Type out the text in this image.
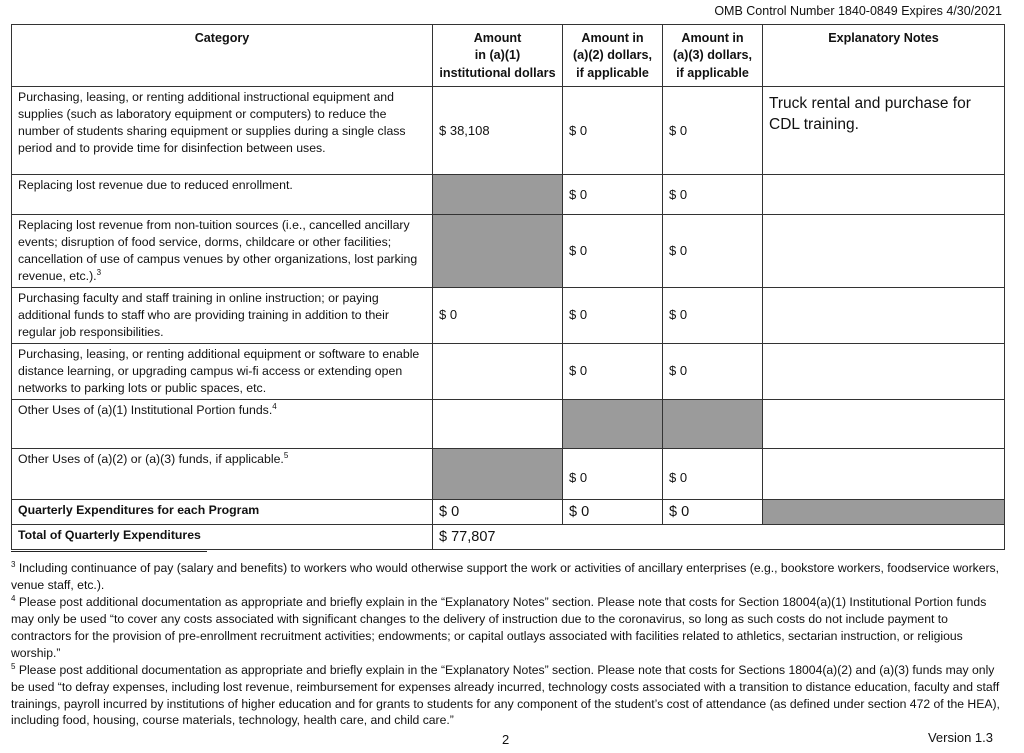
OMB Control Number 1840-0849 Expires 4/30/2021
Category	Amount
in (a)(1)
institutional dollars	Amount in
(a)(2) dollars,
if applicable	Amount in
(a)(3) dollars,
if applicable	Explanatory Notes
Purchasing, leasing, or renting additional instructional equipment and supplies (such as laboratory equipment or computers) to reduce the number of students sharing equipment or supplies during a single class period and to provide time for disinfection between uses.	$ 38,108	$ 0	$ 0	Truck rental and purchase for CDL training.
Replacing lost revenue due to reduced enrollment.		$ 0	$ 0	
Replacing lost revenue from non-tuition sources (i.e., cancelled ancillary events; disruption of food service, dorms, childcare or other facilities; cancellation of use of campus venues by other organizations, lost parking revenue, etc.).$^3$		$ 0	$ 0	
Purchasing faculty and staff training in online instruction; or paying additional funds to staff who are providing training in addition to their regular job responsibilities.	$ 0	$ 0	$ 0	
Purchasing, leasing, or renting additional equipment or software to enable distance learning, or upgrading campus wi-fi access or extending open networks to parking lots or public spaces, etc.		$ 0	$ 0	
Other Uses of (a)(1) Institutional Portion funds.$^4$				
Other Uses of (a)(2) or (a)(3) funds, if applicable.$^5$		$ 0	$ 0	
Quarterly Expenditures for each Program	$ 0	$ 0	$ 0	
Total of Quarterly Expenditures	$ 77,807			

$^3$ Including continuance of pay (salary and benefits) to workers who would otherwise support the work or activities of ancillary enterprises (e.g., bookstore workers, foodservice workers, venue staff, etc.).

$^4$ Please post additional documentation as appropriate and briefly explain in the “Explanatory Notes” section. Please note that costs for Section 18004(a)(1) Institutional Portion funds may only be used “to cover any costs associated with significant changes to the delivery of instruction due to the coronavirus, so long as such costs do not include payment to contractors for the provision of pre-enrollment recruitment activities; endowments; or capital outlays associated with facilities related to athletics, sectarian instruction, or religious worship.”

$^5$ Please post additional documentation as appropriate and briefly explain in the “Explanatory Notes” section. Please note that costs for Sections 18004(a)(2) and (a)(3) funds may only be used “to defray expenses, including lost revenue, reimbursement for expenses already incurred, technology costs associated with a transition to distance education, faculty and staff trainings, payroll incurred by institutions of higher education and for grants to students for any component of the student’s cost of attendance (as defined under section 472 of the HEA), including food, housing, course materials, technology, health care, and child care.”

2	Version 1.3
